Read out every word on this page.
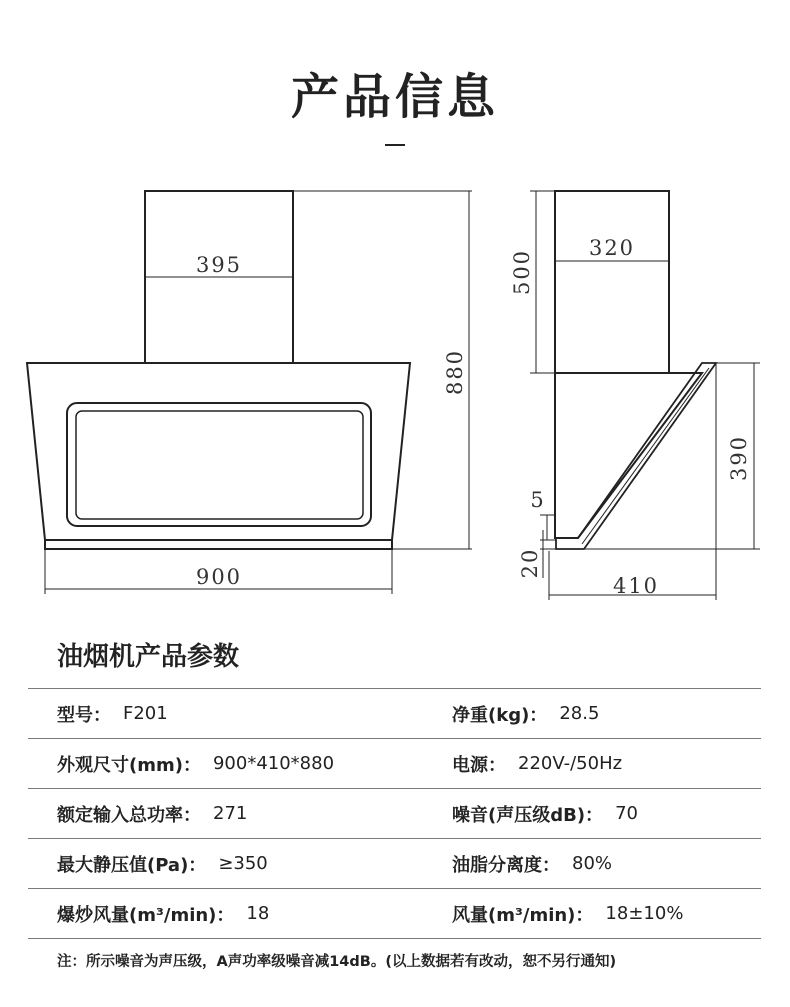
产品信息
395
880
900
320
500
390
5
20
410
油烟机产品参数
型号： F201	净重(kg)： 28.5
外观尺寸(mm)： 900*410*880	电源： 220V-/50Hz
额定输入总功率： 271	噪音(声压级dB)： 70
最大静压值(Pa)： ≥350	油脂分离度： 80%
爆炒风量(m³/min)： 18	风量(m³/min)： 18±10%
注：所示噪音为声压级，A声功率级噪音减14dB。(以上数据若有改动，恕不另行通知)
